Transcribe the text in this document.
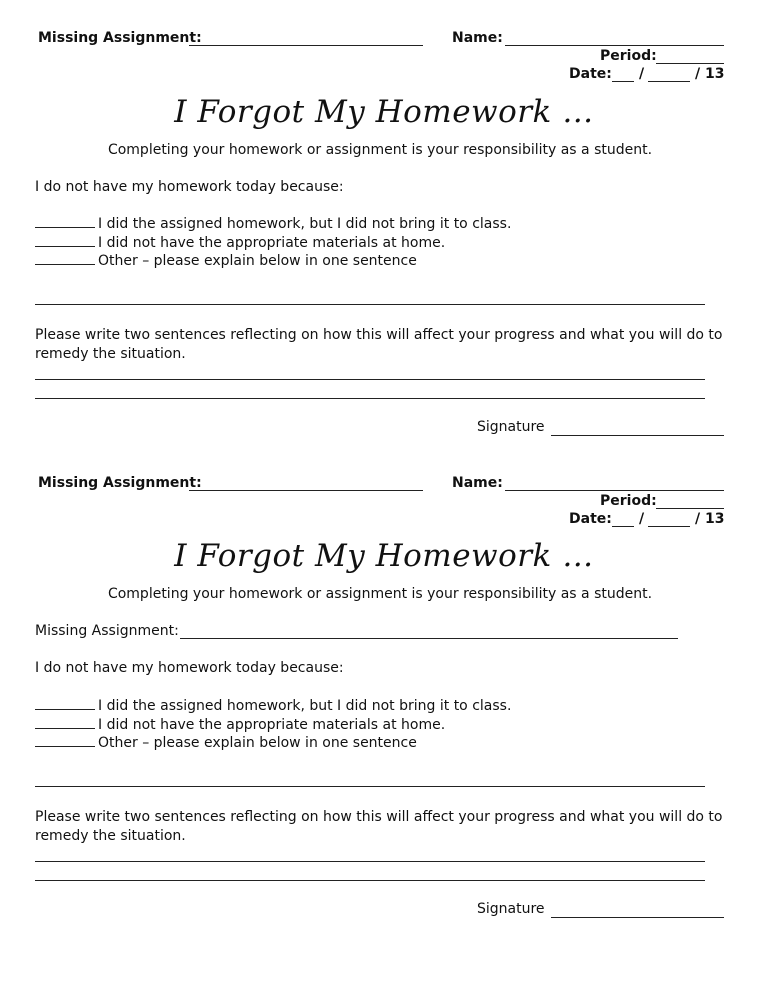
Missing Assignment:	Name:
Period:
Date: /	/ 13
I Forgot My Homework …
Completing your homework or assignment is your responsibility as a student.
I do not have my homework today because:
I did the assigned homework, but I did not bring it to class.
I did not have the appropriate materials at home.
Other – please explain below in one sentence
Please write two sentences reflecting on how this will affect your progress and what you will do to remedy the situation.
Signature
Missing Assignment:	Name:
Period:
Date: /	/ 13
I Forgot My Homework …
Completing your homework or assignment is your responsibility as a student.
Missing Assignment:
I do not have my homework today because:
I did the assigned homework, but I did not bring it to class.
I did not have the appropriate materials at home.
Other – please explain below in one sentence
Please write two sentences reflecting on how this will affect your progress and what you will do to remedy the situation.
Signature
